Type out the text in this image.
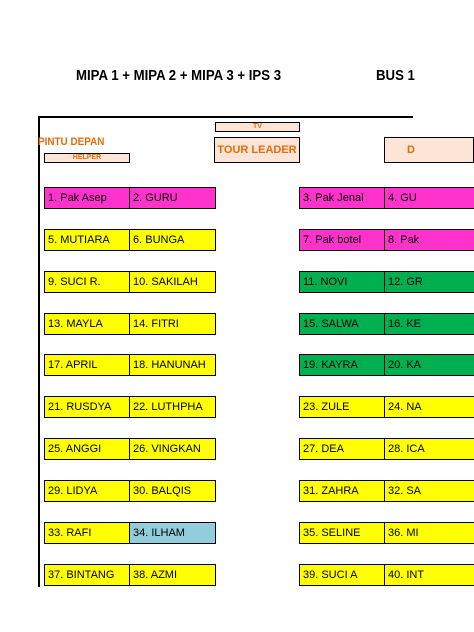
MIPA 1 + MIPA 2 + MIPA 3 + IPS 3	BUS 1
PINTU DEPAN
HELPER
TV
TOUR LEADER	D
1. Pak Asep	2. GURU	3. Pak Jenal	4. GU
5. MUTIARA	6. BUNGA	7. Pak botel	8. Pak
9. SUCI R.	10. SAKILAH	11. NOVI	12. GR
13. MAYLA	14. FITRI	15. SALWA	16. KE
17. APRIL	18. HANUNAH	19. KAYRA	20. KA
21. RUSDYA	22. LUTHPHA	23. ZULE	24. NA
25. ANGGI	26. VINGKAN	27. DEA	28. ICA
29. LIDYA	30. BALQIS	31. ZAHRA	32. SA
33. RAFI	34. ILHAM	35. SELINE	36. MI
37. BINTANG	38. AZMI	39. SUCI A	40. INT
